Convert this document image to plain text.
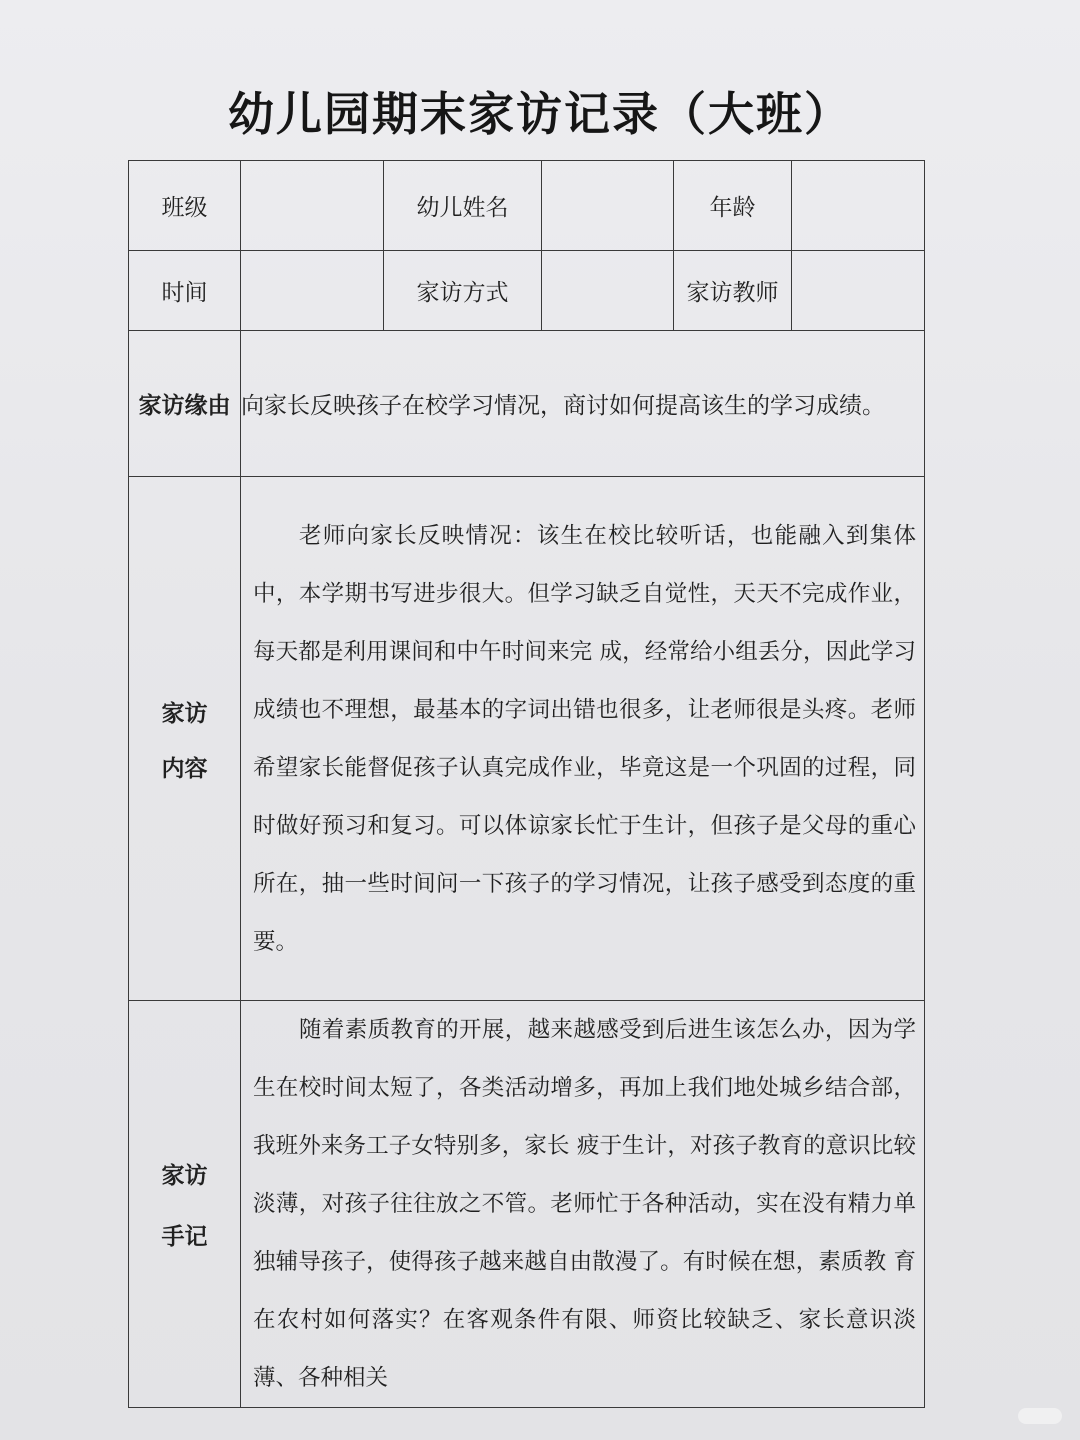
幼儿园期末家访记录（大班）
班级		幼儿姓名		年龄	
时间		家访方式		家访教师	
家访缘由	向家长反映孩子在校学习情况，商讨如何提高该生的学习成绩。				

家访
内容	老师向家长反映情况：该生在校比较听话，也能融入到集体中，本学期书写进步很大。但学习缺乏自觉性，天天不完成作业，每天都是利用课间和中午时间来完 成，经常给小组丢分，因此学习成绩也不理想，最基本的字词出错也很多，让老师很是头疼。老师希望家长能督促孩子认真完成作业，毕竟这是一个巩固的过程，同 时做好预习和复习。可以体谅家长忙于生计，但孩子是父母的重心所在，抽一些时间问一下孩子的学习情况，让孩子感受到态度的重要。				

家访
手记	随着素质教育的开展，越来越感受到后进生该怎么办，因为学生在校时间太短了，各类活动增多，再加上我们地处城乡结合部，我班外来务工子女特别多，家长 疲于生计，对孩子教育的意识比较淡薄，对孩子往往放之不管。老师忙于各种活动，实在没有精力单独辅导孩子，使得孩子越来越自由散漫了。有时候在想，素质教 育在农村如何落实？在客观条件有限、师资比较缺乏、家长意识淡薄、各种相关				
